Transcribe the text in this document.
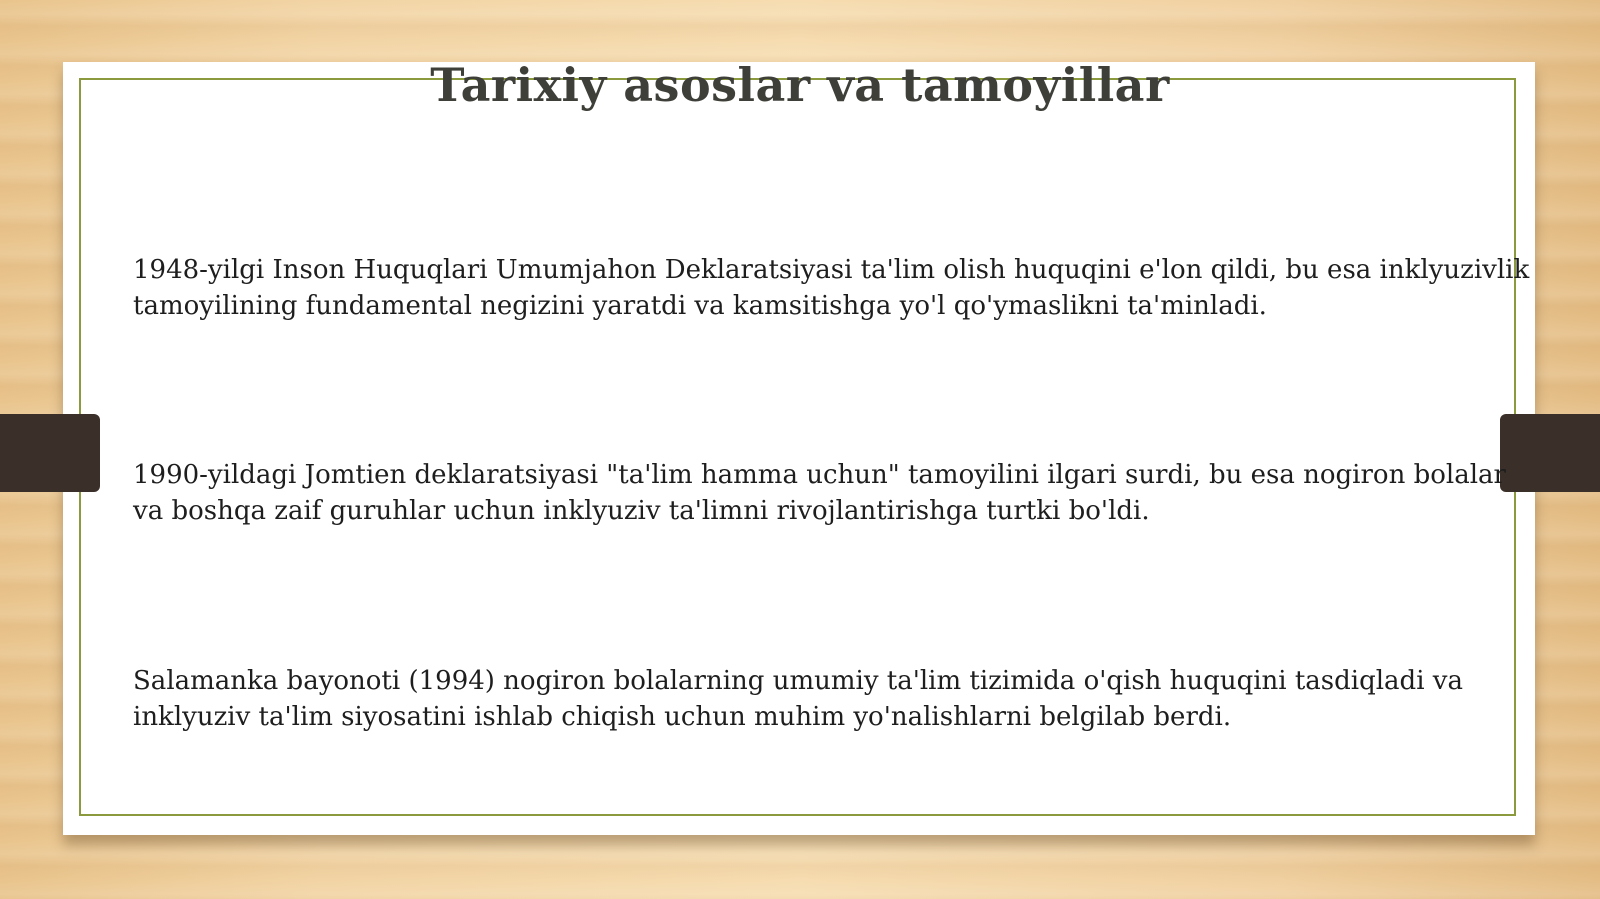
Tarixiy asoslar va tamoyillar

1948-yilgi Inson Huquqlari Umumjahon Deklaratsiyasi ta'lim olish huquqini e'lon qildi, bu esa inklyuzivlik tamoyilining fundamental negizini yaratdi va kamsitishga yo'l qo'ymaslikni ta'minladi.

1990-yildagi Jomtien deklaratsiyasi "ta'lim hamma uchun" tamoyilini ilgari surdi, bu esa nogiron bolalar va boshqa zaif guruhlar uchun inklyuziv ta'limni rivojlantirishga turtki bo'ldi.

Salamanka bayonoti (1994) nogiron bolalarning umumiy ta'lim tizimida o'qish huquqini tasdiqladi va inklyuziv ta'lim siyosatini ishlab chiqish uchun muhim yo'nalishlarni belgilab berdi.
